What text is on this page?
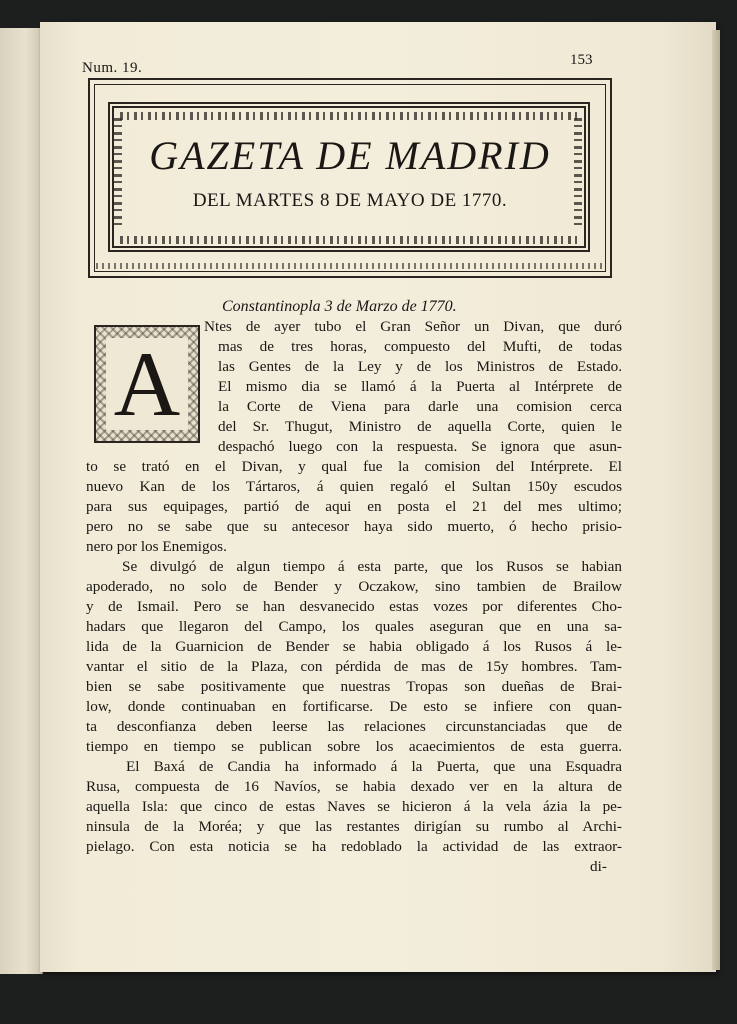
Num. 19.	153
GAZETA DE MADRID
DEL MARTES 8 DE MAYO DE 1770.
Constantinopla 3 de Marzo de 1770.
A
Ntes de ayer tubo el Gran Señor un Divan, que duró
mas de tres horas, compuesto del Mufti, de todas
las Gentes de la Ley y de los Ministros de Estado.
El mismo dia se llamó á la Puerta al Intérprete de
la Corte de Viena para darle una comision cerca
del Sr. Thugut, Ministro de aquella Corte, quien le
despachó luego con la respuesta. Se ignora que asun-
to se trató en el Divan, y qual fue la comision del Intérprete. El
nuevo Kan de los Tártaros, á quien regaló el Sultan 150y escudos
para sus equipages, partió de aqui en posta el 21 del mes ultimo;
pero no se sabe que su antecesor haya sido muerto, ó hecho prisio-
nero por los Enemigos.
Se divulgó de algun tiempo á esta parte, que los Rusos se habian
apoderado, no solo de Bender y Oczakow, sino tambien de Brailow
y de Ismail. Pero se han desvanecido estas vozes por diferentes Cho-
hadars que llegaron del Campo, los quales aseguran que en una sa-
lida de la Guarnicion de Bender se habia obligado á los Rusos á le-
vantar el sitio de la Plaza, con pérdida de mas de 15y hombres. Tam-
bien se sabe positivamente que nuestras Tropas son dueñas de Brai-
low, donde continuaban en fortificarse. De esto se infiere con quan-
ta desconfianza deben leerse las relaciones circunstanciadas que de
tiempo en tiempo se publican sobre los acaecimientos de esta guerra.
El Baxá de Candia ha informado á la Puerta, que una Esquadra
Rusa, compuesta de 16 Navíos, se habia dexado ver en la altura de
aquella Isla: que cinco de estas Naves se hicieron á la vela ázia la pe-
ninsula de la Moréa; y que las restantes dirigían su rumbo al Archi-
pielago. Con esta noticia se ha redoblado la actividad de las extraor-
di-
